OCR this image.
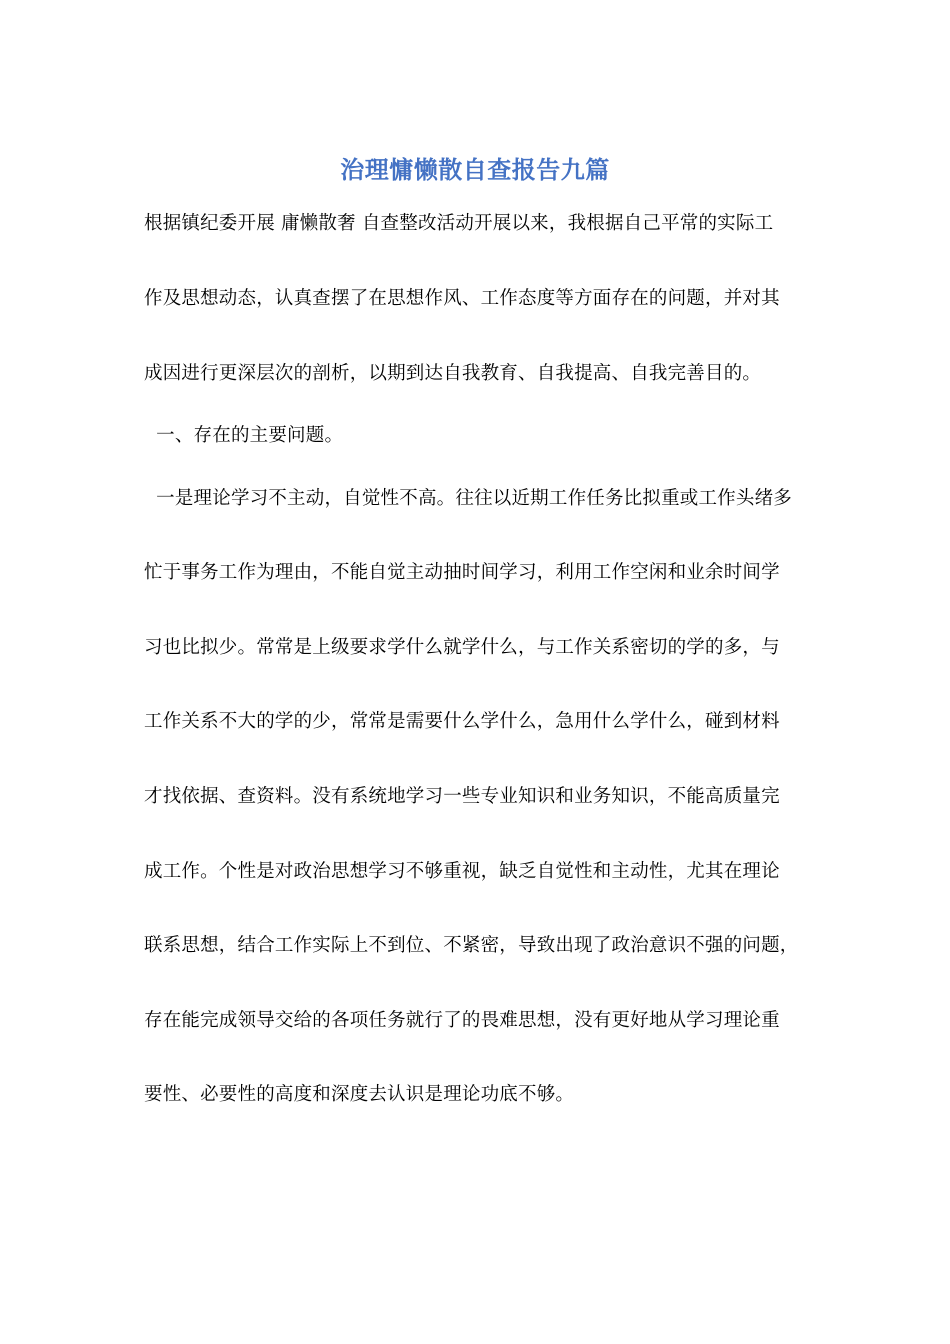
治理慵懒散自查报告九篇
根据镇纪委开展 庸懒散奢 自查整改活动开展以来，我根据自己平常的实际工
作及思想动态，认真查摆了在思想作风、工作态度等方面存在的问题，并对其
成因进行更深层次的剖析，以期到达自我教育、自我提高、自我完善目的。
一、存在的主要问题。
一是理论学习不主动，自觉性不高。往往以近期工作任务比拟重或工作头绪多
忙于事务工作为理由，不能自觉主动抽时间学习，利用工作空闲和业余时间学
习也比拟少。常常是上级要求学什么就学什么，与工作关系密切的学的多，与
工作关系不大的学的少，常常是需要什么学什么，急用什么学什么，碰到材料
才找依据、查资料。没有系统地学习一些专业知识和业务知识，不能高质量完
成工作。个性是对政治思想学习不够重视，缺乏自觉性和主动性，尤其在理论
联系思想，结合工作实际上不到位、不紧密，导致出现了政治意识不强的问题，
存在能完成领导交给的各项任务就行了的畏难思想，没有更好地从学习理论重
要性、必要性的高度和深度去认识是理论功底不够。
